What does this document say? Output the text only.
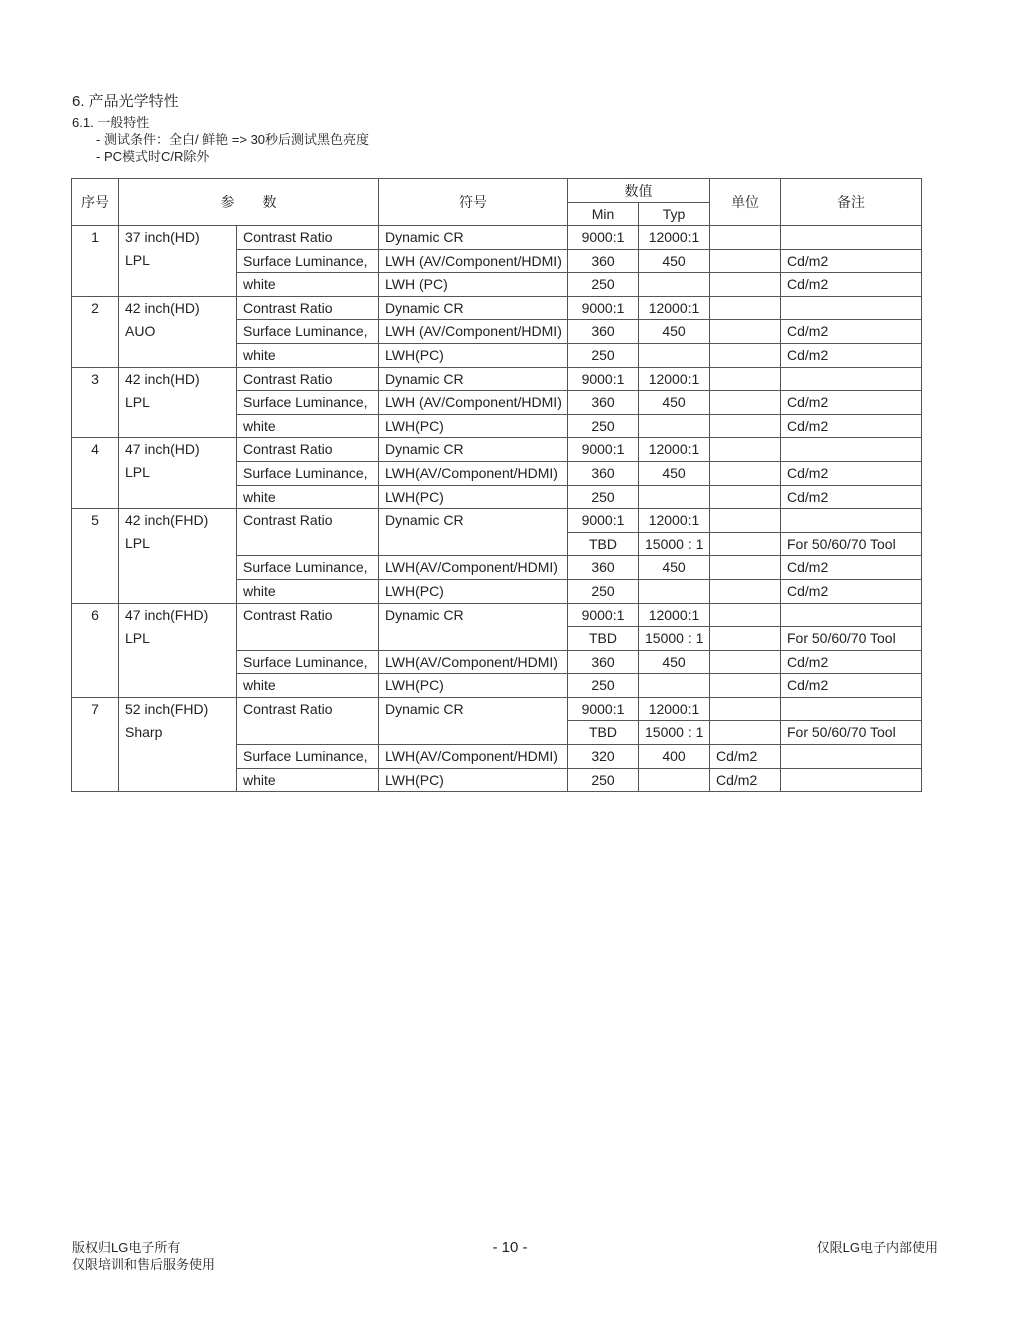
6. 产品光学特性
6.1. 一般特性
- 测试条件：全白/ 鲜艳 => 30秒后测试黑色亮度
- PC模式时C/R除外
序号	参　　数		符号	数值		单位	备注
				Min	Typ		
1	37 inch(HD)	Contrast Ratio	Dynamic CR	9000:1	12000:1		
	LPL	Surface Luminance,	LWH (AV/Component/HDMI)	360	450		Cd/m2
		white	LWH (PC)	250			Cd/m2
2	42 inch(HD)	Contrast Ratio	Dynamic CR	9000:1	12000:1		
	AUO	Surface Luminance,	LWH (AV/Component/HDMI)	360	450		Cd/m2
		white	LWH(PC)	250			Cd/m2
3	42 inch(HD)	Contrast Ratio	Dynamic CR	9000:1	12000:1		
	LPL	Surface Luminance,	LWH (AV/Component/HDMI)	360	450		Cd/m2
		white	LWH(PC)	250			Cd/m2
4	47 inch(HD)	Contrast Ratio	Dynamic CR	9000:1	12000:1		
	LPL	Surface Luminance,	LWH(AV/Component/HDMI)	360	450		Cd/m2
		white	LWH(PC)	250			Cd/m2
5	42 inch(FHD)	Contrast Ratio	Dynamic CR	9000:1	12000:1		
	LPL			TBD	15000 : 1		For 50/60/70 Tool
		Surface Luminance,	LWH(AV/Component/HDMI)	360	450		Cd/m2
		white	LWH(PC)	250			Cd/m2
6	47 inch(FHD)	Contrast Ratio	Dynamic CR	9000:1	12000:1		
	LPL			TBD	15000 : 1		For 50/60/70 Tool
		Surface Luminance,	LWH(AV/Component/HDMI)	360	450		Cd/m2
		white	LWH(PC)	250			Cd/m2
7	52 inch(FHD)	Contrast Ratio	Dynamic CR	9000:1	12000:1		
	Sharp			TBD	15000 : 1		For 50/60/70 Tool
		Surface Luminance,	LWH(AV/Component/HDMI)	320	400	Cd/m2	
		white	LWH(PC)	250		Cd/m2	
版权归LG电子所有
仅限培训和售后服务使用
- 10 -	仅限LG电子内部使用
